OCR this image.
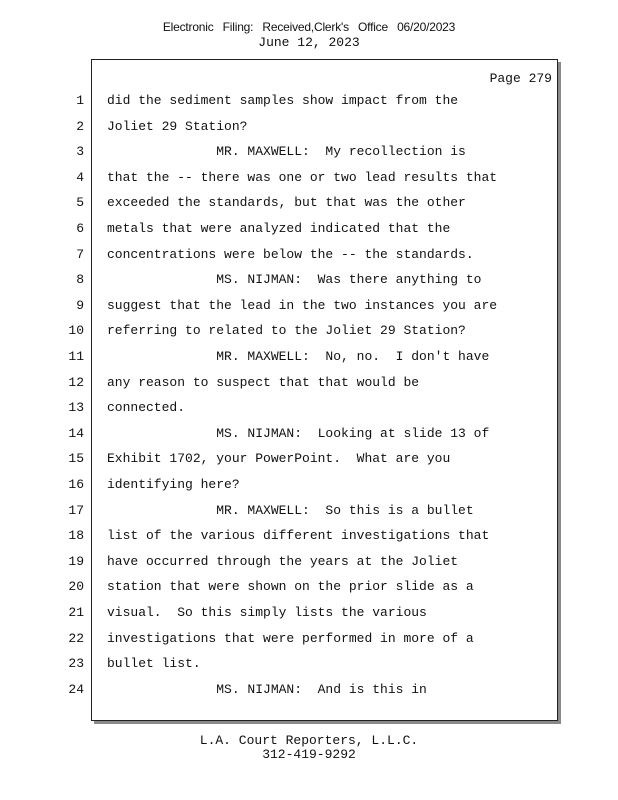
Electronic Filing: Received,Clerk's Office 06/20/2023
June 12, 2023
Page 279
1 did the sediment samples show impact from the
2 Joliet 29 Station?
3 MR. MAXWELL:  My recollection is
4 that the -- there was one or two lead results that
5 exceeded the standards, but that was the other
6 metals that were analyzed indicated that the
7 concentrations were below the -- the standards.
8 MS. NIJMAN:  Was there anything to
9 suggest that the lead in the two instances you are
10 referring to related to the Joliet 29 Station?
11 MR. MAXWELL:  No, no.  I don't have
12 any reason to suspect that that would be
13 connected.
14 MS. NIJMAN:  Looking at slide 13 of
15 Exhibit 1702, your PowerPoint.  What are you
16 identifying here?
17 MR. MAXWELL:  So this is a bullet
18 list of the various different investigations that
19 have occurred through the years at the Joliet
20 station that were shown on the prior slide as a
21 visual.  So this simply lists the various
22 investigations that were performed in more of a
23 bullet list.
24 MS. NIJMAN:  And is this in
L.A. Court Reporters, L.L.C.
312-419-9292
